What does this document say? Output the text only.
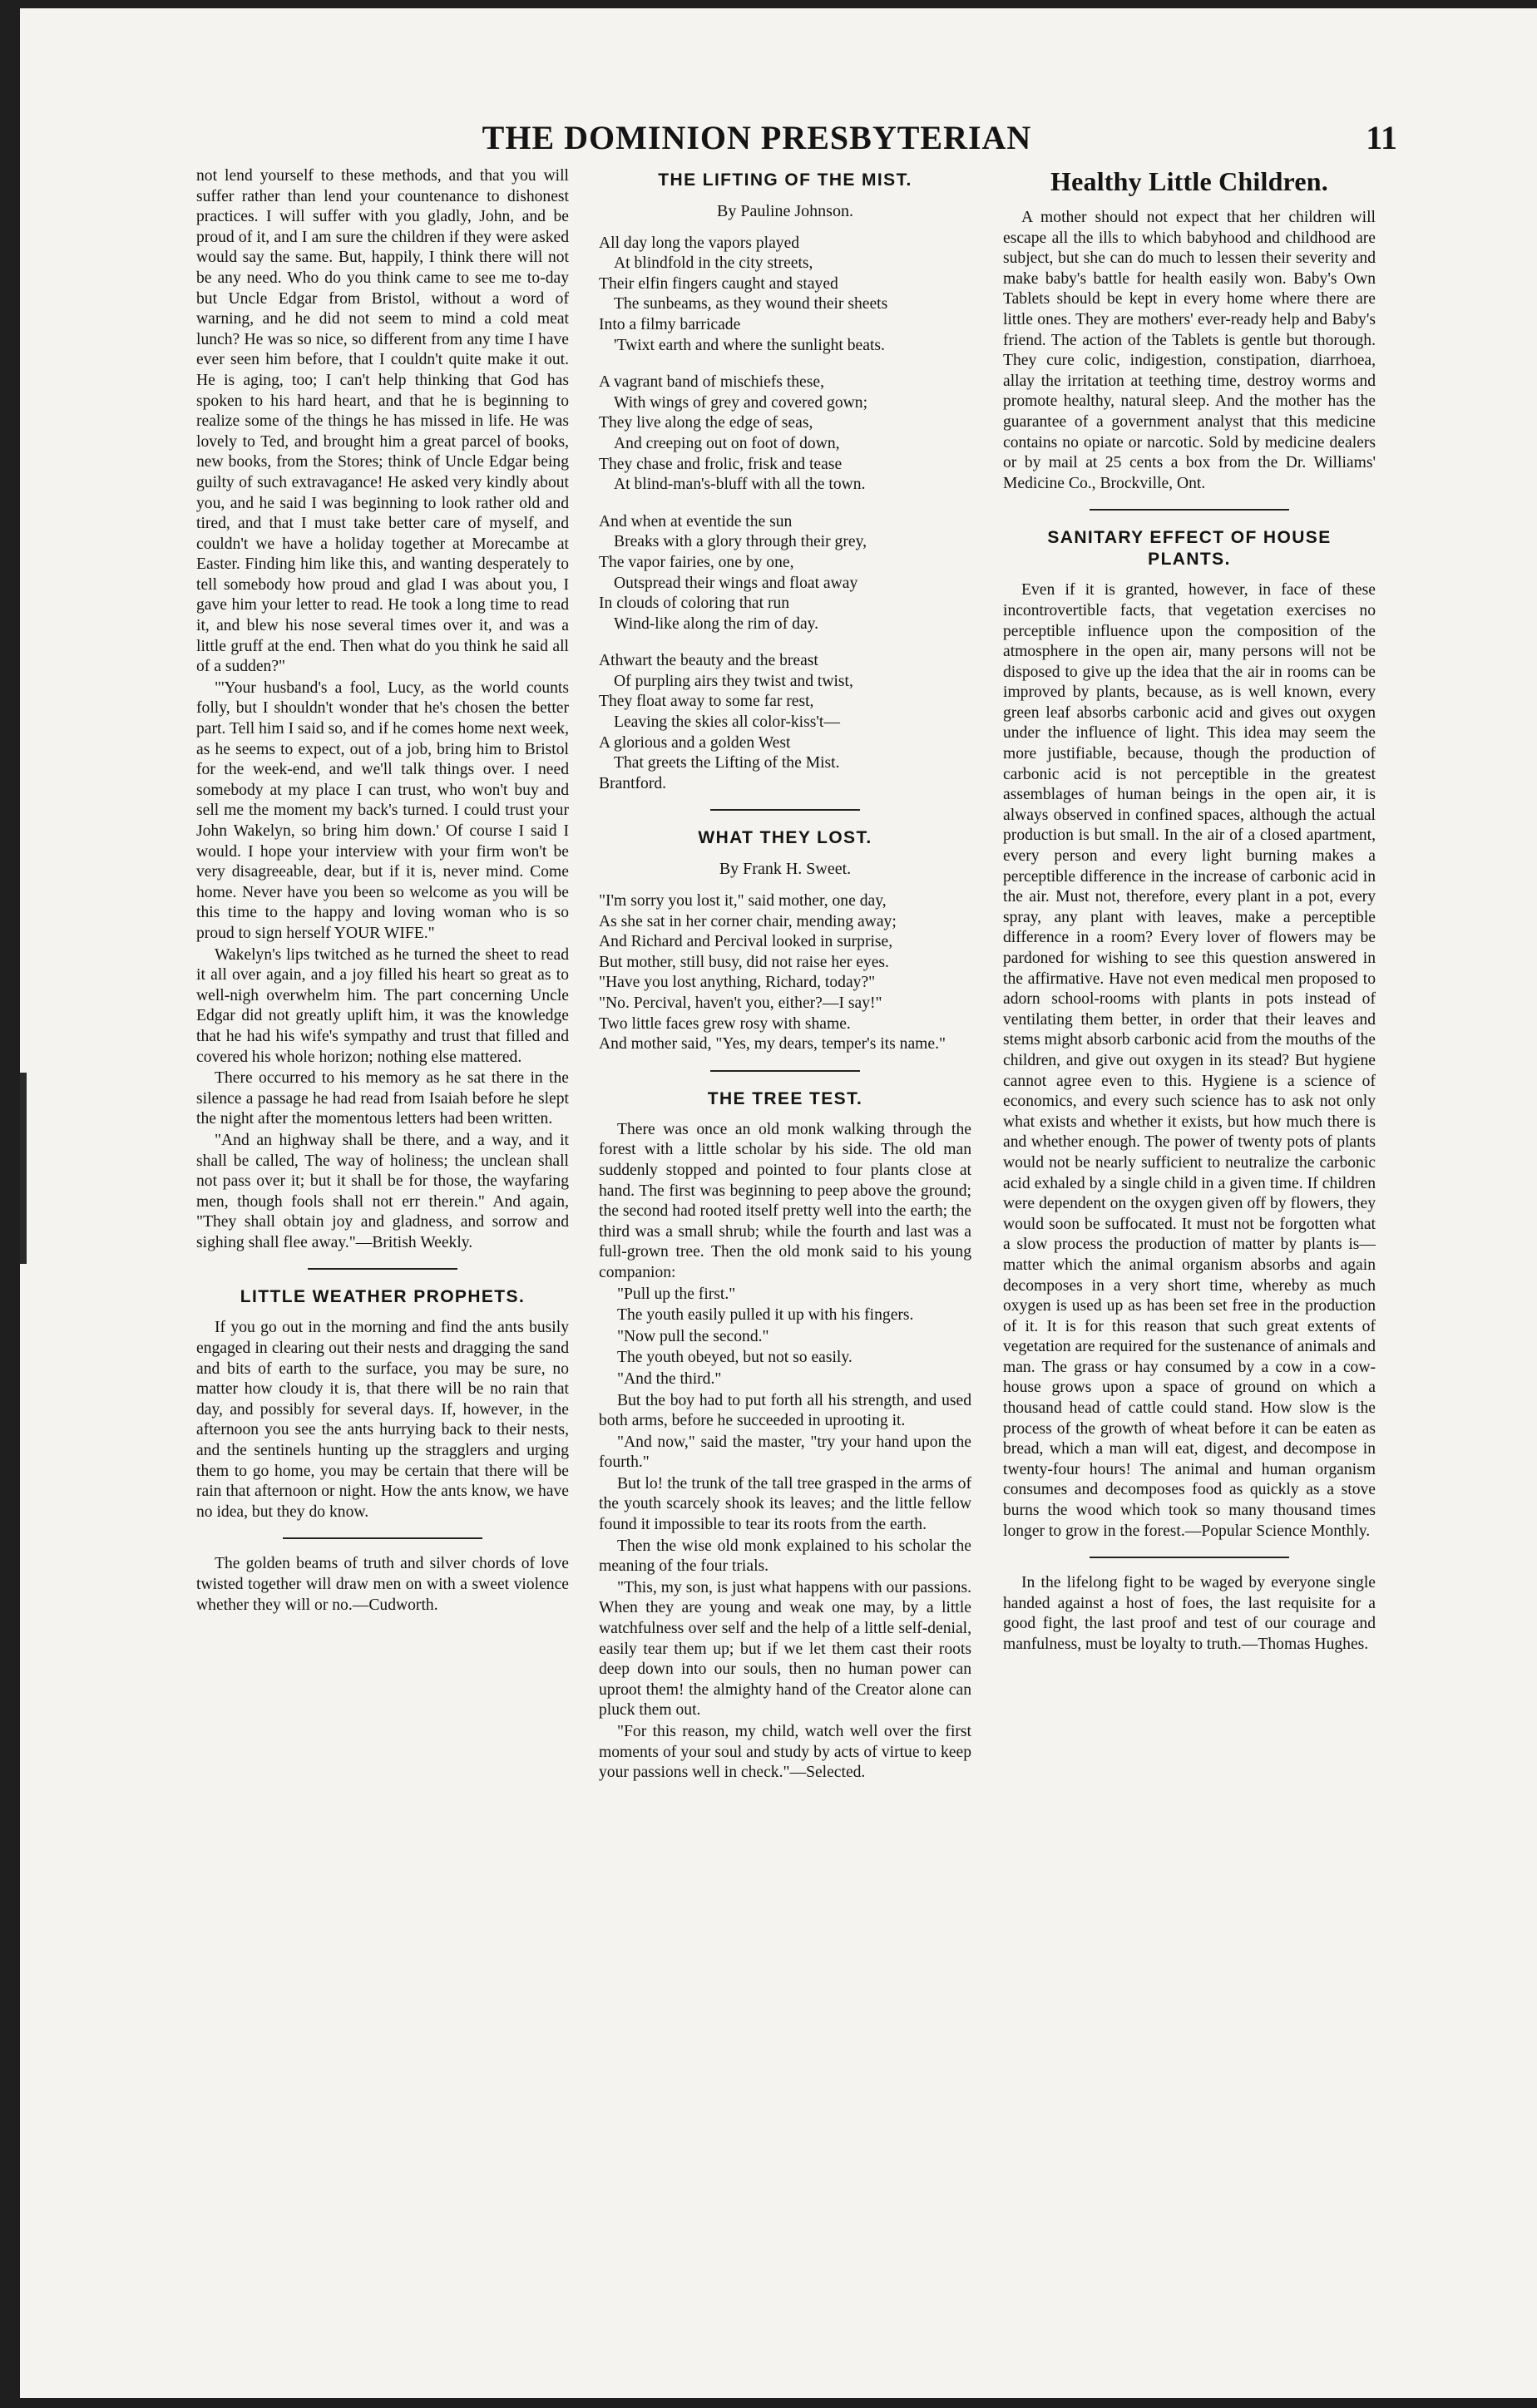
THE DOMINION PRESBYTERIAN	11

not lend yourself to these methods, and that you will suffer rather than lend your countenance to dishonest practices. I will suffer with you gladly, John, and be proud of it, and I am sure the children if they were asked would say the same. But, happily, I think there will not be any need. Who do you think came to see me to-day but Uncle Edgar from Bristol, without a word of warning, and he did not seem to mind a cold meat lunch? He was so nice, so different from any time I have ever seen him before, that I couldn't quite make it out. He is aging, too; I can't help thinking that God has spoken to his hard heart, and that he is beginning to realize some of the things he has missed in life. He was lovely to Ted, and brought him a great parcel of books, new books, from the Stores; think of Uncle Edgar being guilty of such extravagance! He asked very kindly about you, and he said I was beginning to look rather old and tired, and that I must take better care of myself, and couldn't we have a holiday together at Morecambe at Easter. Finding him like this, and wanting desperately to tell somebody how proud and glad I was about you, I gave him your letter to read. He took a long time to read it, and blew his nose several times over it, and was a little gruff at the end. Then what do you think he said all of a sudden?"

"'Your husband's a fool, Lucy, as the world counts folly, but I shouldn't wonder that he's chosen the better part. Tell him I said so, and if he comes home next week, as he seems to expect, out of a job, bring him to Bristol for the week-end, and we'll talk things over. I need somebody at my place I can trust, who won't buy and sell me the moment my back's turned. I could trust your John Wakelyn, so bring him down.' Of course I said I would. I hope your interview with your firm won't be very disagreeable, dear, but if it is, never mind. Come home. Never have you been so welcome as you will be this time to the happy and loving woman who is so proud to sign herself YOUR WIFE."

Wakelyn's lips twitched as he turned the sheet to read it all over again, and a joy filled his heart so great as to well-nigh overwhelm him. The part concerning Uncle Edgar did not greatly uplift him, it was the knowledge that he had his wife's sympathy and trust that filled and covered his whole horizon; nothing else mattered.

There occurred to his memory as he sat there in the silence a passage he had read from Isaiah before he slept the night after the momentous letters had been written.

"And an highway shall be there, and a way, and it shall be called, The way of holiness; the unclean shall not pass over it; but it shall be for those, the wayfaring men, though fools shall not err therein." And again, "They shall obtain joy and gladness, and sorrow and sighing shall flee away."—British Weekly.

LITTLE WEATHER PROPHETS.

If you go out in the morning and find the ants busily engaged in clearing out their nests and dragging the sand and bits of earth to the surface, you may be sure, no matter how cloudy it is, that there will be no rain that day, and possibly for several days. If, however, in the afternoon you see the ants hurrying back to their nests, and the sentinels hunting up the stragglers and urging them to go home, you may be certain that there will be rain that afternoon or night. How the ants know, we have no idea, but they do know.

The golden beams of truth and silver chords of love twisted together will draw men on with a sweet violence whether they will or no.—Cudworth.

THE LIFTING OF THE MIST.
By Pauline Johnson.
All day long the vapors played
At blindfold in the city streets,
Their elfin fingers caught and stayed
The sunbeams, as they wound their sheets
Into a filmy barricade
'Twixt earth and where the sunlight beats.
A vagrant band of mischiefs these,
With wings of grey and covered gown;
They live along the edge of seas,
And creeping out on foot of down,
They chase and frolic, frisk and tease
At blind-man's-bluff with all the town.
And when at eventide the sun
Breaks with a glory through their grey,
The vapor fairies, one by one,
Outspread their wings and float away
In clouds of coloring that run
Wind-like along the rim of day.
Athwart the beauty and the breast
Of purpling airs they twist and twist,
They float away to some far rest,
Leaving the skies all color-kiss't—
A glorious and a golden West
That greets the Lifting of the Mist.
Brantford.
WHAT THEY LOST.
By Frank H. Sweet.
"I'm sorry you lost it," said mother, one day,
As she sat in her corner chair, mending away;
And Richard and Percival looked in surprise,
But mother, still busy, did not raise her eyes.
"Have you lost anything, Richard, today?"
"No. Percival, haven't you, either?—I say!"
Two little faces grew rosy with shame.
And mother said, "Yes, my dears, temper's its name."
THE TREE TEST.

There was once an old monk walking through the forest with a little scholar by his side. The old man suddenly stopped and pointed to four plants close at hand. The first was beginning to peep above the ground; the second had rooted itself pretty well into the earth; the third was a small shrub; while the fourth and last was a full-grown tree. Then the old monk said to his young companion:

"Pull up the first."

The youth easily pulled it up with his fingers.

"Now pull the second."

The youth obeyed, but not so easily.

"And the third."

But the boy had to put forth all his strength, and used both arms, before he succeeded in uprooting it.

"And now," said the master, "try your hand upon the fourth."

But lo! the trunk of the tall tree grasped in the arms of the youth scarcely shook its leaves; and the little fellow found it impossible to tear its roots from the earth.

Then the wise old monk explained to his scholar the meaning of the four trials.

"This, my son, is just what happens with our passions. When they are young and weak one may, by a little watchfulness over self and the help of a little self-denial, easily tear them up; but if we let them cast their roots deep down into our souls, then no human power can uproot them! the almighty hand of the Creator alone can pluck them out.

"For this reason, my child, watch well over the first moments of your soul and study by acts of virtue to keep your passions well in check."—Selected.

Healthy Little Children.

A mother should not expect that her children will escape all the ills to which babyhood and childhood are subject, but she can do much to lessen their severity and make baby's battle for health easily won. Baby's Own Tablets should be kept in every home where there are little ones. They are mothers' ever-ready help and Baby's friend. The action of the Tablets is gentle but thorough. They cure colic, indigestion, constipation, diarrhoea, allay the irritation at teething time, destroy worms and promote healthy, natural sleep. And the mother has the guarantee of a government analyst that this medicine contains no opiate or narcotic. Sold by medicine dealers or by mail at 25 cents a box from the Dr. Williams' Medicine Co., Brockville, Ont.

SANITARY EFFECT OF HOUSE PLANTS.

Even if it is granted, however, in face of these incontrovertible facts, that vegetation exercises no perceptible influence upon the composition of the atmosphere in the open air, many persons will not be disposed to give up the idea that the air in rooms can be improved by plants, because, as is well known, every green leaf absorbs carbonic acid and gives out oxygen under the influence of light. This idea may seem the more justifiable, because, though the production of carbonic acid is not perceptible in the greatest assemblages of human beings in the open air, it is always observed in confined spaces, although the actual production is but small. In the air of a closed apartment, every person and every light burning makes a perceptible difference in the increase of carbonic acid in the air. Must not, therefore, every plant in a pot, every spray, any plant with leaves, make a perceptible difference in a room? Every lover of flowers may be pardoned for wishing to see this question answered in the affirmative. Have not even medical men proposed to adorn school-rooms with plants in pots instead of ventilating them better, in order that their leaves and stems might absorb carbonic acid from the mouths of the children, and give out oxygen in its stead? But hygiene cannot agree even to this. Hygiene is a science of economics, and every such science has to ask not only what exists and whether it exists, but how much there is and whether enough. The power of twenty pots of plants would not be nearly sufficient to neutralize the carbonic acid exhaled by a single child in a given time. If children were dependent on the oxygen given off by flowers, they would soon be suffocated. It must not be forgotten what a slow process the production of matter by plants is—matter which the animal organism absorbs and again decomposes in a very short time, whereby as much oxygen is used up as has been set free in the production of it. It is for this reason that such great extents of vegetation are required for the sustenance of animals and man. The grass or hay consumed by a cow in a cow-house grows upon a space of ground on which a thousand head of cattle could stand. How slow is the process of the growth of wheat before it can be eaten as bread, which a man will eat, digest, and decompose in twenty-four hours! The animal and human organism consumes and decomposes food as quickly as a stove burns the wood which took so many thousand times longer to grow in the forest.—Popular Science Monthly.

In the lifelong fight to be waged by everyone single handed against a host of foes, the last requisite for a good fight, the last proof and test of our courage and manfulness, must be loyalty to truth.—Thomas Hughes.
